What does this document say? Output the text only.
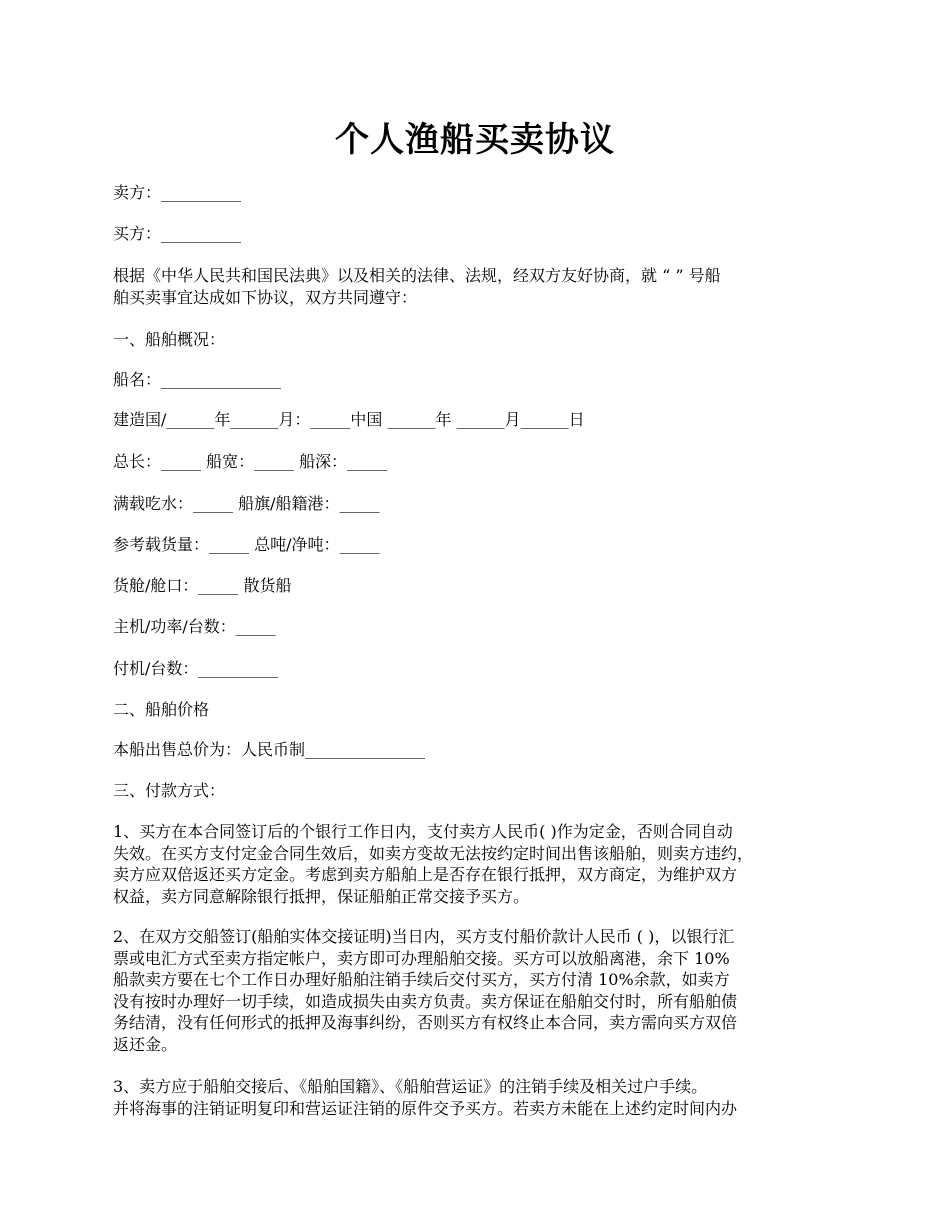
个人渔船买卖协议
卖方：__________
买方：__________
根据《中华人民共和国民法典》以及相关的法律、法规，经双方友好协商，就 “ ” 号船
舶买卖事宜达成如下协议，双方共同遵守：
一、船舶概况：
船名：_______________
建造国/______年______月：_____中国 ______年 ______月______日
总长：_____ 船宽：_____ 船深：_____
满载吃水：_____ 船旗/船籍港：_____
参考载货量：_____ 总吨/净吨：_____
货舱/舱口：_____ 散货船
主机/功率/台数：_____
付机/台数：__________
二、船舶价格
本船出售总价为：人民币制_______________
三、付款方式：
1、买方在本合同签订后的个银行工作日内，支付卖方人民币( )作为定金，否则合同自动
失效。在买方支付定金合同生效后，如卖方变故无法按约定时间出售该船舶，则卖方违约，
卖方应双倍返还买方定金。考虑到卖方船舶上是否存在银行抵押，双方商定，为维护双方
权益，卖方同意解除银行抵押，保证船舶正常交接予买方。
2、在双方交船签订(船舶实体交接证明)当日内，买方支付船价款计人民币 ( )，以银行汇
票或电汇方式至卖方指定帐户，卖方即可办理船舶交接。买方可以放船离港，余下 10%
船款卖方要在七个工作日办理好船舶注销手续后交付买方，买方付清 10%余款，如卖方
没有按时办理好一切手续，如造成损失由卖方负责。卖方保证在船舶交付时，所有船舶债
务结清，没有任何形式的抵押及海事纠纷，否则买方有权终止本合同，卖方需向买方双倍
返还金。
3、卖方应于船舶交接后、《船舶国籍》、《船舶营运证》的注销手续及相关过户手续。
并将海事的注销证明复印和营运证注销的原件交予买方。若卖方未能在上述约定时间内办
